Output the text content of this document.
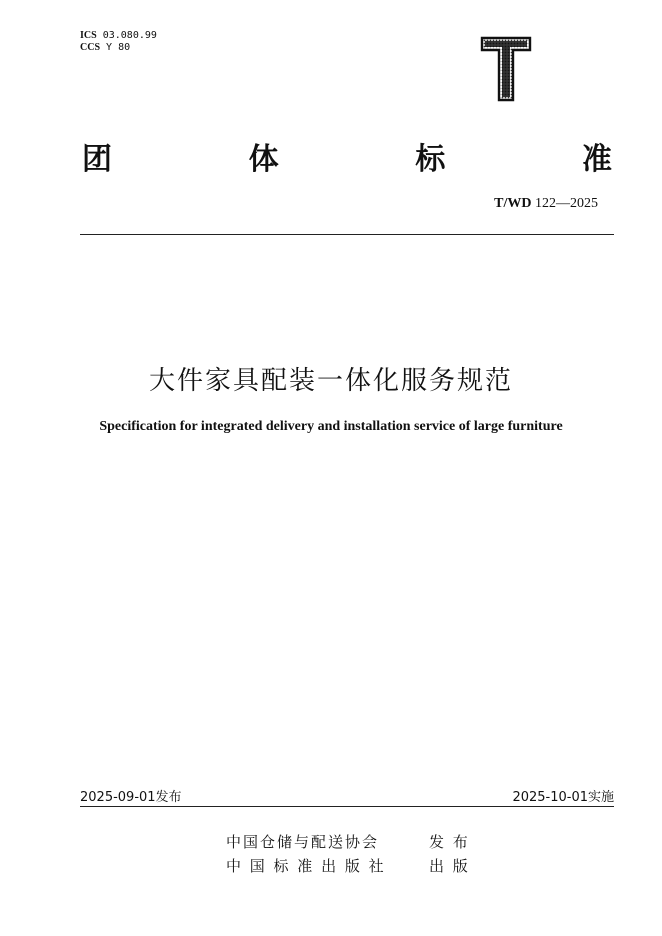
ICS 03.080.99
CCS Y 80
T
团	体	标	准
T/WD 122—2025
大件家具配装一体化服务规范
Specification for integrated delivery and installation service of large furniture
2025-09-01发布	2025-10-01实施
中国仓储与配送协会	发 布
中 国 标 准 出 版 社	出 版
